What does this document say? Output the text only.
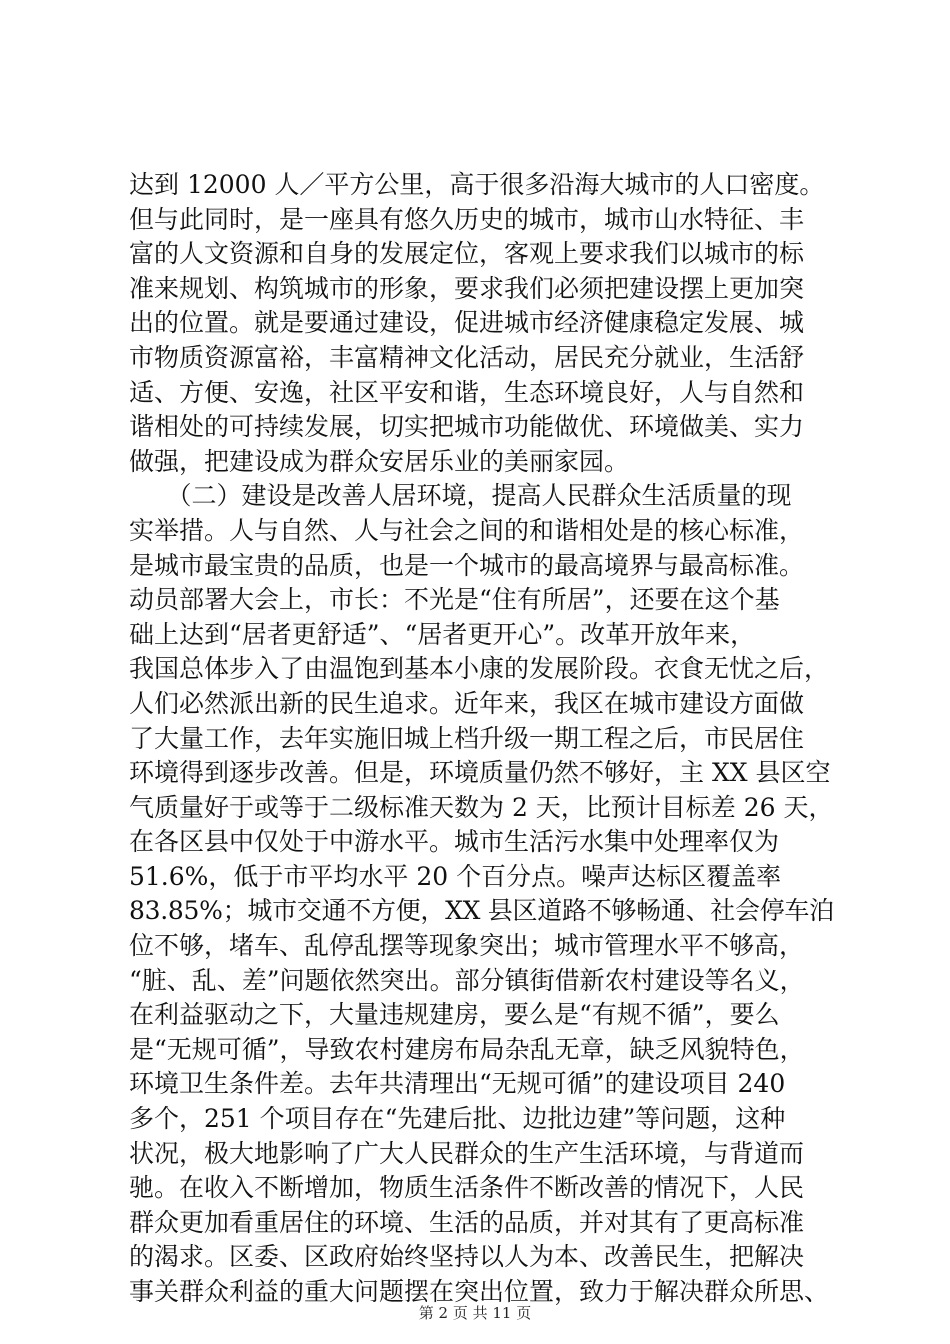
达到 12000 人／平方公里，高于很多沿海大城市的人口密度。
但与此同时，是一座具有悠久历史的城市，城市山水特征、丰
富的人文资源和自身的发展定位，客观上要求我们以城市的标
准来规划、构筑城市的形象，要求我们必须把建设摆上更加突
出的位置。就是要通过建设，促进城市经济健康稳定发展、城
市物质资源富裕，丰富精神文化活动，居民充分就业，生活舒
适、方便、安逸，社区平安和谐，生态环境良好，人与自然和
谐相处的可持续发展，切实把城市功能做优、环境做美、实力
做强，把建设成为群众安居乐业的美丽家园。
　　（二）建设是改善人居环境，提高人民群众生活质量的现
实举措。人与自然、人与社会之间的和谐相处是的核心标准，
是城市最宝贵的品质，也是一个城市的最高境界与最高标准。
动员部署大会上，市长：不光是“住有所居”，还要在这个基
础上达到“居者更舒适”、“居者更开心”。改革开放年来，
我国总体步入了由温饱到基本小康的发展阶段。衣食无忧之后，
人们必然派出新的民生追求。近年来，我区在城市建设方面做
了大量工作，去年实施旧城上档升级一期工程之后，市民居住
环境得到逐步改善。但是，环境质量仍然不够好，主 XX 县区空
气质量好于或等于二级标准天数为 2 天，比预计目标差 26 天，
在各区县中仅处于中游水平。城市生活污水集中处理率仅为
51.6%，低于市平均水平 20 个百分点。噪声达标区覆盖率
83.85%；城市交通不方便，XX 县区道路不够畅通、社会停车泊
位不够，堵车、乱停乱摆等现象突出；城市管理水平不够高，
“脏、乱、差”问题依然突出。部分镇街借新农村建设等名义，
在利益驱动之下，大量违规建房，要么是“有规不循”，要么
是“无规可循”，导致农村建房布局杂乱无章，缺乏风貌特色，
环境卫生条件差。去年共清理出“无规可循”的建设项目 240
多个，251 个项目存在“先建后批、边批边建”等问题，这种
状况，极大地影响了广大人民群众的生产生活环境，与背道而
驰。在收入不断增加，物质生活条件不断改善的情况下，人民
群众更加看重居住的环境、生活的品质，并对其有了更高标准
的渴求。区委、区政府始终坚持以人为本、改善民生，把解决
事关群众利益的重大问题摆在突出位置，致力于解决群众所思、
第 2 页 共 11 页
